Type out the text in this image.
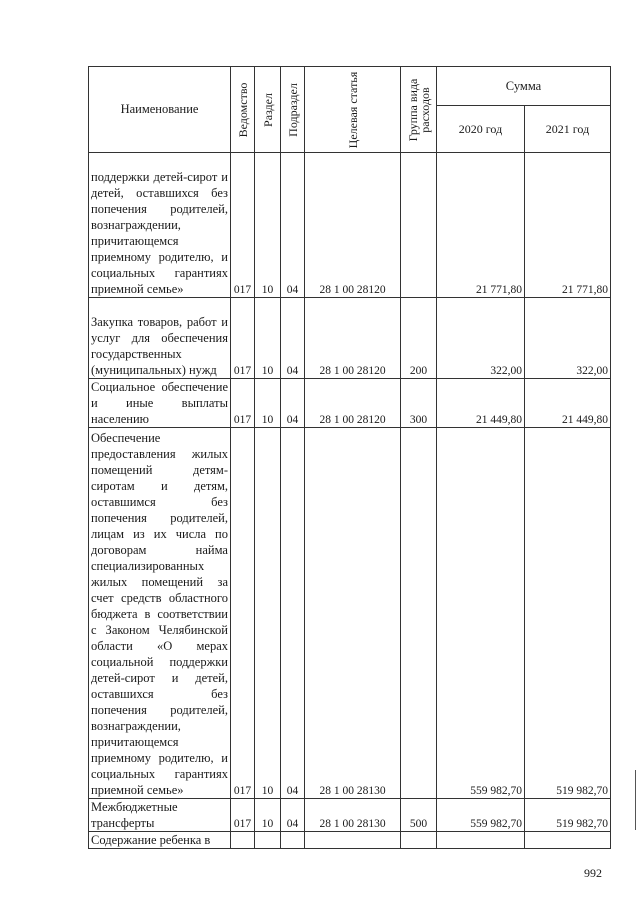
Наименование	Ведомство	Раздел	Подраздел	Целевая статья	Группа вида расходов	Сумма	
						2020 год	2021 год
поддержки детей-сирот и детей, оставшихся без попечения родителей, вознаграждении, причитающемся приемному родителю, и социальных гарантиях приемной семье»	017	10	04	28 1 00 28120		21 771,80	21 771,80
Закупка товаров, работ и услуг для обеспечения государственных (муниципальных) нужд	017	10	04	28 1 00 28120	200	322,00	322,00
Социальное обеспечение и иные выплаты населению	017	10	04	28 1 00 28120	300	21 449,80	21 449,80
Обеспечение предоставления жилых помещений детям-сиротам и детям, оставшимся без попечения родителей, лицам из их числа по договорам найма специализированных жилых помещений за счет средств областного бюджета в соответствии с Законом Челябинской области «О мерах социальной поддержки детей-сирот и детей, оставшихся без попечения родителей, вознаграждении, причитающемся приемному родителю, и социальных гарантиях приемной семье»	017	10	04	28 1 00 28130		559 982,70	519 982,70
Межбюджетные трансферты	017	10	04	28 1 00 28130	500	559 982,70	519 982,70
Содержание ребенка в							
992
